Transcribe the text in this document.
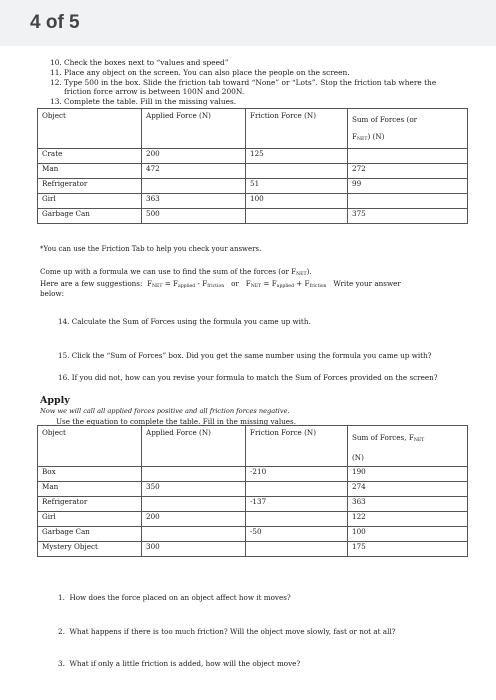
4 of 5
10. Check the boxes next to “values and speed”
11. Place any object on the screen. You can also place the people on the screen.
12. Type 500 in the box. Slide the friction tab toward “None” or “Lots”. Stop the friction tab where the
friction force arrow is between 100N and 200N.
13. Complete the table. Fill in the missing values.
Object	Applied Force (N)	Friction Force (N)	Sum of Forces (or
$F_{NET}$) (N)
Crate	200	125	
Man	472		272
Refrigerator		51	99
Girl	363	100	
Garbage Can	500		375
*You can use the Friction Tab to help you check your answers.
Come up with a formula we can use to find the sum of the forces (or $F_{NET}$).
Here are a few suggestions: $F_{NET} = F_{applied} - F_{friction}$ or $F_{NET} = F_{applied} + F_{friction}$ Write your answer
below:
14. Calculate the Sum of Forces using the formula you came up with.
15. Click the “Sum of Forces” box. Did you get the same number using the formula you came up with?
16. If you did not, how can you revise your formula to match the Sum of Forces provided on the screen?
Apply
Now we will call all applied forces positive and all friction forces negative.
Use the equation to complete the table. Fill in the missing values.
Object	Applied Force (N)	Friction Force (N)	Sum of Forces, $F_{NET}$
(N)
Box		-210	190
Man	350		274
Refrigerator		-137	363
Girl	200		122
Garbage Can		-50	100
Mystery Object	300		175
1. How does the force placed on an object affect how it moves?
2. What happens if there is too much friction? Will the object move slowly, fast or not at all?
3. What if only a little friction is added, how will the object move?
